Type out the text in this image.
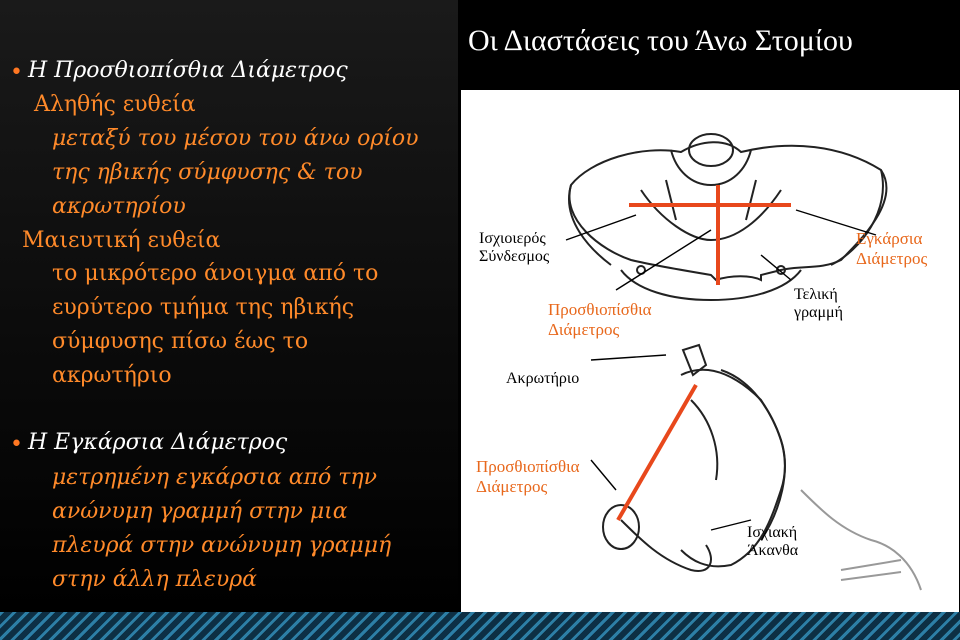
• Η Προσθιοπίσθια Διάμετρος
Αληθής ευθεία
μεταξύ του μέσου του άνω ορίου
της ηβικής σύμφυσης & του
ακρωτηρίου
Μαιευτική ευθεία
το μικρότερο άνοιγμα από το
ευρύτερο τμήμα της ηβικής
σύμφυσης πίσω έως το
ακρωτήριο
• Η Εγκάρσια Διάμετρος
μετρημένη εγκάρσια από την
ανώνυμη γραμμή στην μια
πλευρά στην ανώνυμη γραμμή
στην άλλη πλευρά
Οι Διαστάσεις του Άνω Στομίου
Ισχιοιερός
Σύνδεσμος
Προσθιοπίσθια
Διάμετρος
Τελική
γραμμή
Εγκάρσια
Διάμετρος
Ακρωτήριο
Προσθιοπίσθια
Διάμετρος
Ισχιακή
Άκανθα
